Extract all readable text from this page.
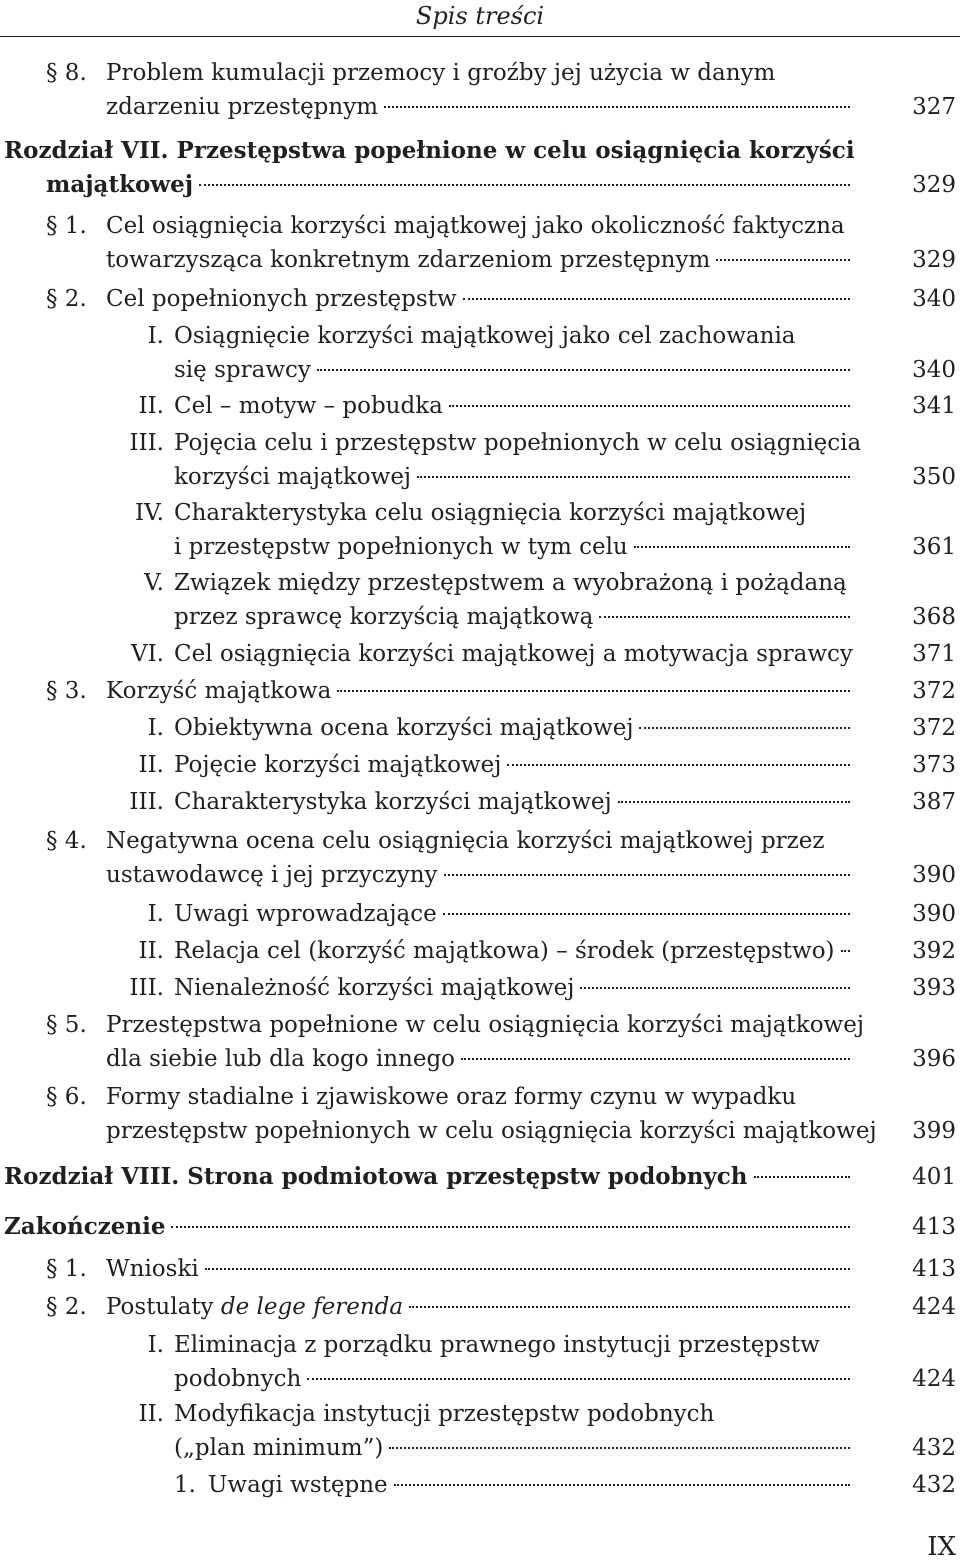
Spis treści
§ 8. Problem kumulacji przemocy i groźby jej użycia w danym
zdarzeniu przestępnym	327
Rozdział VII. Przestępstwa popełnione w celu osiągnięcia korzyści
majątkowej	329
§ 1. Cel osiągnięcia korzyści majątkowej jako okoliczność faktyczna
towarzysząca konkretnym zdarzeniom przestępnym	329
§ 2. Cel popełnionych przestępstw	340
I. Osiągnięcie korzyści majątkowej jako cel zachowania
się sprawcy	340
II. Cel – motyw – pobudka	341
III. Pojęcia celu i przestępstw popełnionych w celu osiągnięcia
korzyści majątkowej	350
IV. Charakterystyka celu osiągnięcia korzyści majątkowej
i przestępstw popełnionych w tym celu	361
V. Związek między przestępstwem a wyobrażoną i pożądaną
przez sprawcę korzyścią majątkową	368
VI. Cel osiągnięcia korzyści majątkowej a motywacja sprawcy	371
§ 3. Korzyść majątkowa	372
I. Obiektywna ocena korzyści majątkowej	372
II. Pojęcie korzyści majątkowej	373
III. Charakterystyka korzyści majątkowej	387
§ 4. Negatywna ocena celu osiągnięcia korzyści majątkowej przez
ustawodawcę i jej przyczyny	390
I. Uwagi wprowadzające	390
II. Relacja cel (korzyść majątkowa) – środek (przestępstwo)	392
III. Nienależność korzyści majątkowej	393
§ 5. Przestępstwa popełnione w celu osiągnięcia korzyści majątkowej
dla siebie lub dla kogo innego	396
§ 6. Formy stadialne i zjawiskowe oraz formy czynu w wypadku
przestępstw popełnionych w celu osiągnięcia korzyści majątkowej	399
Rozdział VIII. Strona podmiotowa przestępstw podobnych	401
Zakończenie	413
§ 1. Wnioski	413
§ 2. Postulaty de lege ferenda	424
I. Eliminacja z porządku prawnego instytucji przestępstw
podobnych	424
II. Modyfikacja instytucji przestępstw podobnych
(„plan minimum”)	432
1. Uwagi wstępne	432
IX
